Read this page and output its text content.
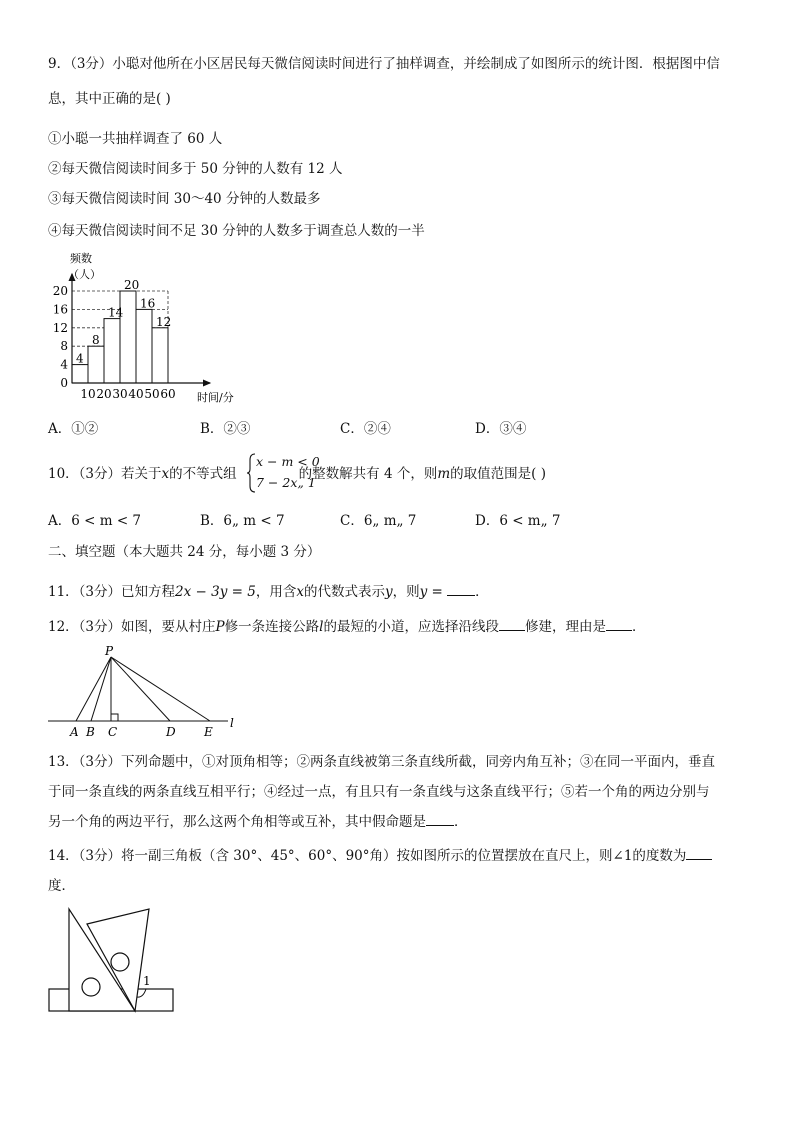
9．（3分）小聪对他所在小区居民每天微信阅读时间进行了抽样调查，并绘制成了如图所示的统计图．根据图中信
息，其中正确的是( )
①小聪一共抽样调查了 60 人
②每天微信阅读时间多于 50 分钟的人数有 12 人
③每天微信阅读时间 30～40 分钟的人数最多
④每天微信阅读时间不足 30 分钟的人数多于调查总人数的一半
频数
（人）
时间/分
0
4
8
12
16
20
10 20 30 40 50 60
4
8
14
20
16
12
A．①②	B．②③	C．②④	D．③④
10．（3分）若关于x的不等式组	的整数解共有 4 个，则m的取值范围是( )
x − m < 0
7 − 2x„ 1
A．6 < m < 7	B．6„ m < 7	C．6„ m„ 7	D．6 < m„ 7
二、填空题（本大题共 24 分，每小题 3 分）
11．（3分）已知方程2x − 3y = 5，用含x的代数式表示y，则y = ．
12．（3分）如图，要从村庄P修一条连接公路l的最短的小道，应选择沿线段 修建，理由是 ．
P
A B C	D E
l
13．（3分）下列命题中，①对顶角相等；②两条直线被第三条直线所截，同旁内角互补；③在同一平面内，垂直
于同一条直线的两条直线互相平行；④经过一点，有且只有一条直线与这条直线平行；⑤若一个角的两边分别与
另一个角的两边平行，那么这两个角相等或互补，其中假命题是 ．
14．（3分）将一副三角板（含 30°、45°、60°、90°角）按如图所示的位置摆放在直尺上，则∠1的度数为
度．
1
